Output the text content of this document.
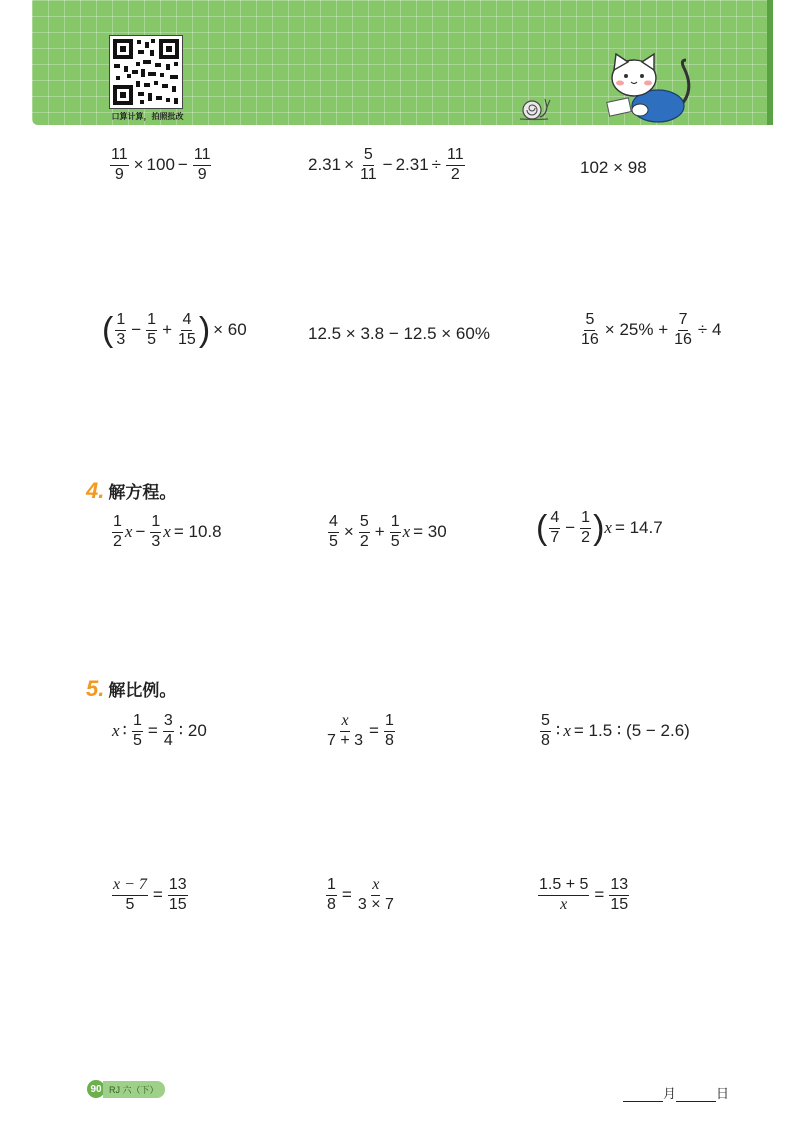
口算计算，拍照批改
$\frac{11}{9} \times 100 - \frac{11}{9}$	$2.31 \times \frac{5}{11} - 2.31 \div \frac{11}{2}$	102 × 98
( $\frac{1}{3} - \frac{1}{5} + \frac{4}{15}$ ) × 60	12.5 × 3.8 − 12.5 × 60%	$\frac{5}{16} \times 25\% + \frac{7}{16} \div 4$
4. 解方程。
$\frac{1}{2}$ $x - \frac{1}{3}$ x = 10.8	$\frac{4}{5} \times \frac{5}{2} + \frac{1}{5}$ x = 30	( $\frac{4}{7} - \frac{1}{2}$ ) x = 14.7
5. 解比例。
x ∶ $\frac{1}{5} = \frac{3}{4}$ ∶ 20	$\frac{x}{7 + 3} = \frac{1}{8}$	$\frac{5}{8}$ ∶ x = 1.5 ∶ (5 − 2.6)
$\frac{x - 7}{5} = \frac{13}{15}$	$\frac{1}{8} = \frac{x}{3 \times 7}$	$\frac{1.5 + 5}{x} = \frac{13}{15}$
90 RJ 六（下）	月	日
